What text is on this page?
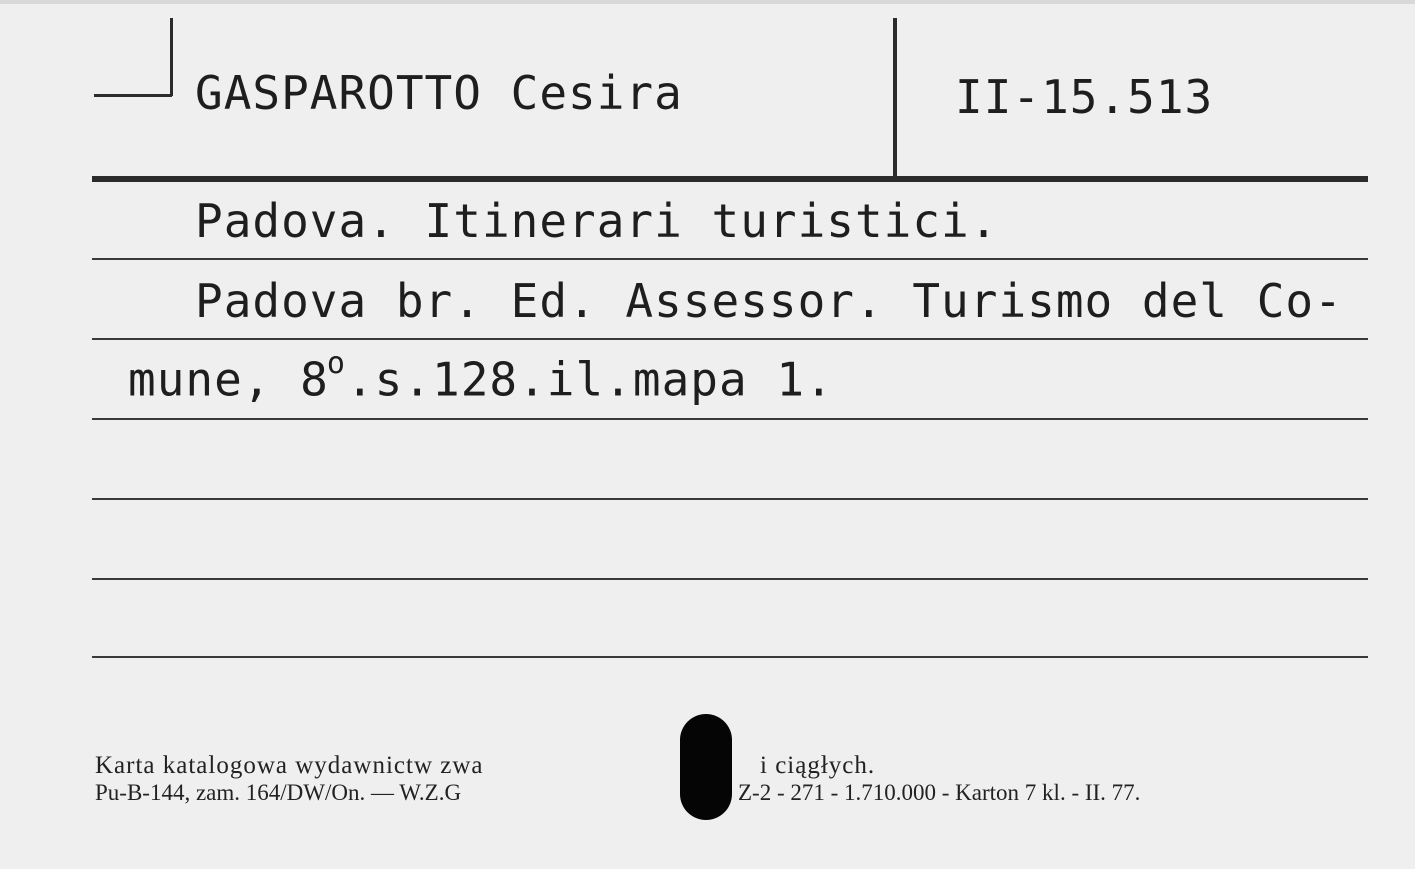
GASPAROTTO Cesira	II-15.513
Padova. Itinerari turistici.
Padova br. Ed. Assessor. Turismo del Co-
mune, 8$^o$.s.128.il.mapa 1.
Karta katalogowa wydawnictw zwa	i ciągłych.
Pu-B-144, zam. 164/DW/On. — W.Z.G	Z-2 - 271 - 1.710.000 - Karton 7 kl. - II. 77.
